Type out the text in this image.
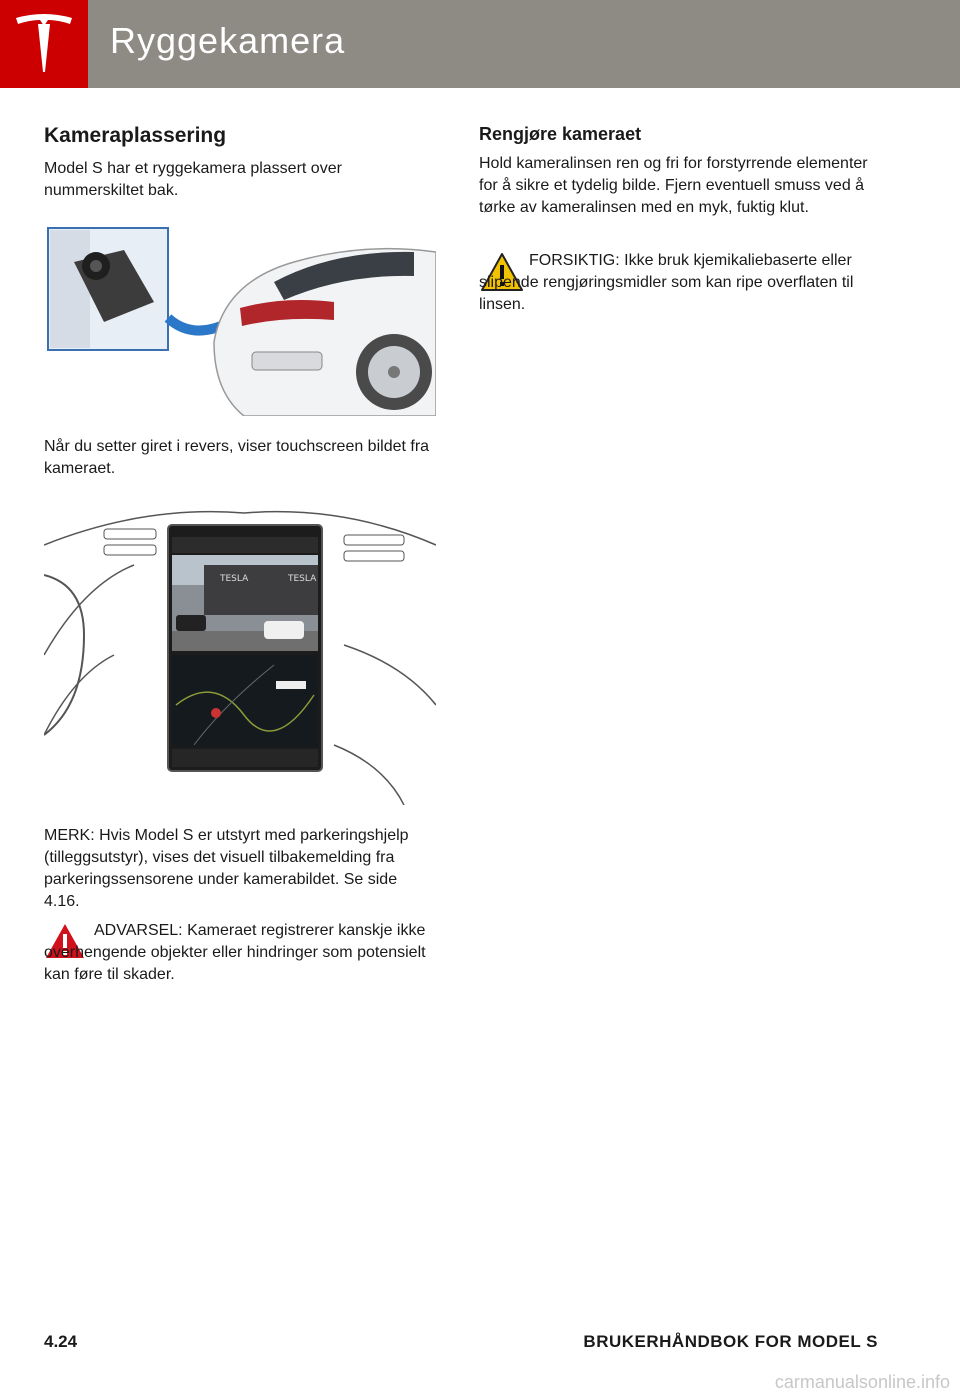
Ryggekamera
Kameraplassering

Model S har et ryggekamera plassert over nummerskiltet bak.

Når du setter giret i revers, viser touchscreen bildet fra kameraet.

TESLA	TESLA

MERK: Hvis Model S er utstyrt med parkeringshjelp (tilleggsutstyr), vises det visuell tilbakemelding fra parkeringssensorene under kamerabildet. Se side 4.16.

ADVARSEL: Kameraet registrerer kanskje ikke overhengende objekter eller hindringer som potensielt kan føre til skader.

Rengjøre kameraet

Hold kameralinsen ren og fri for forstyrrende elementer for å sikre et tydelig bilde. Fjern eventuell smuss ved å tørke av kameralinsen med en myk, fuktig klut.

FORSIKTIG: Ikke bruk kjemikaliebaserte eller slipende rengjøringsmidler som kan ripe overflaten til linsen.

4.24	BRUKERHÅNDBOK FOR MODEL S
carmanualsonline.info
